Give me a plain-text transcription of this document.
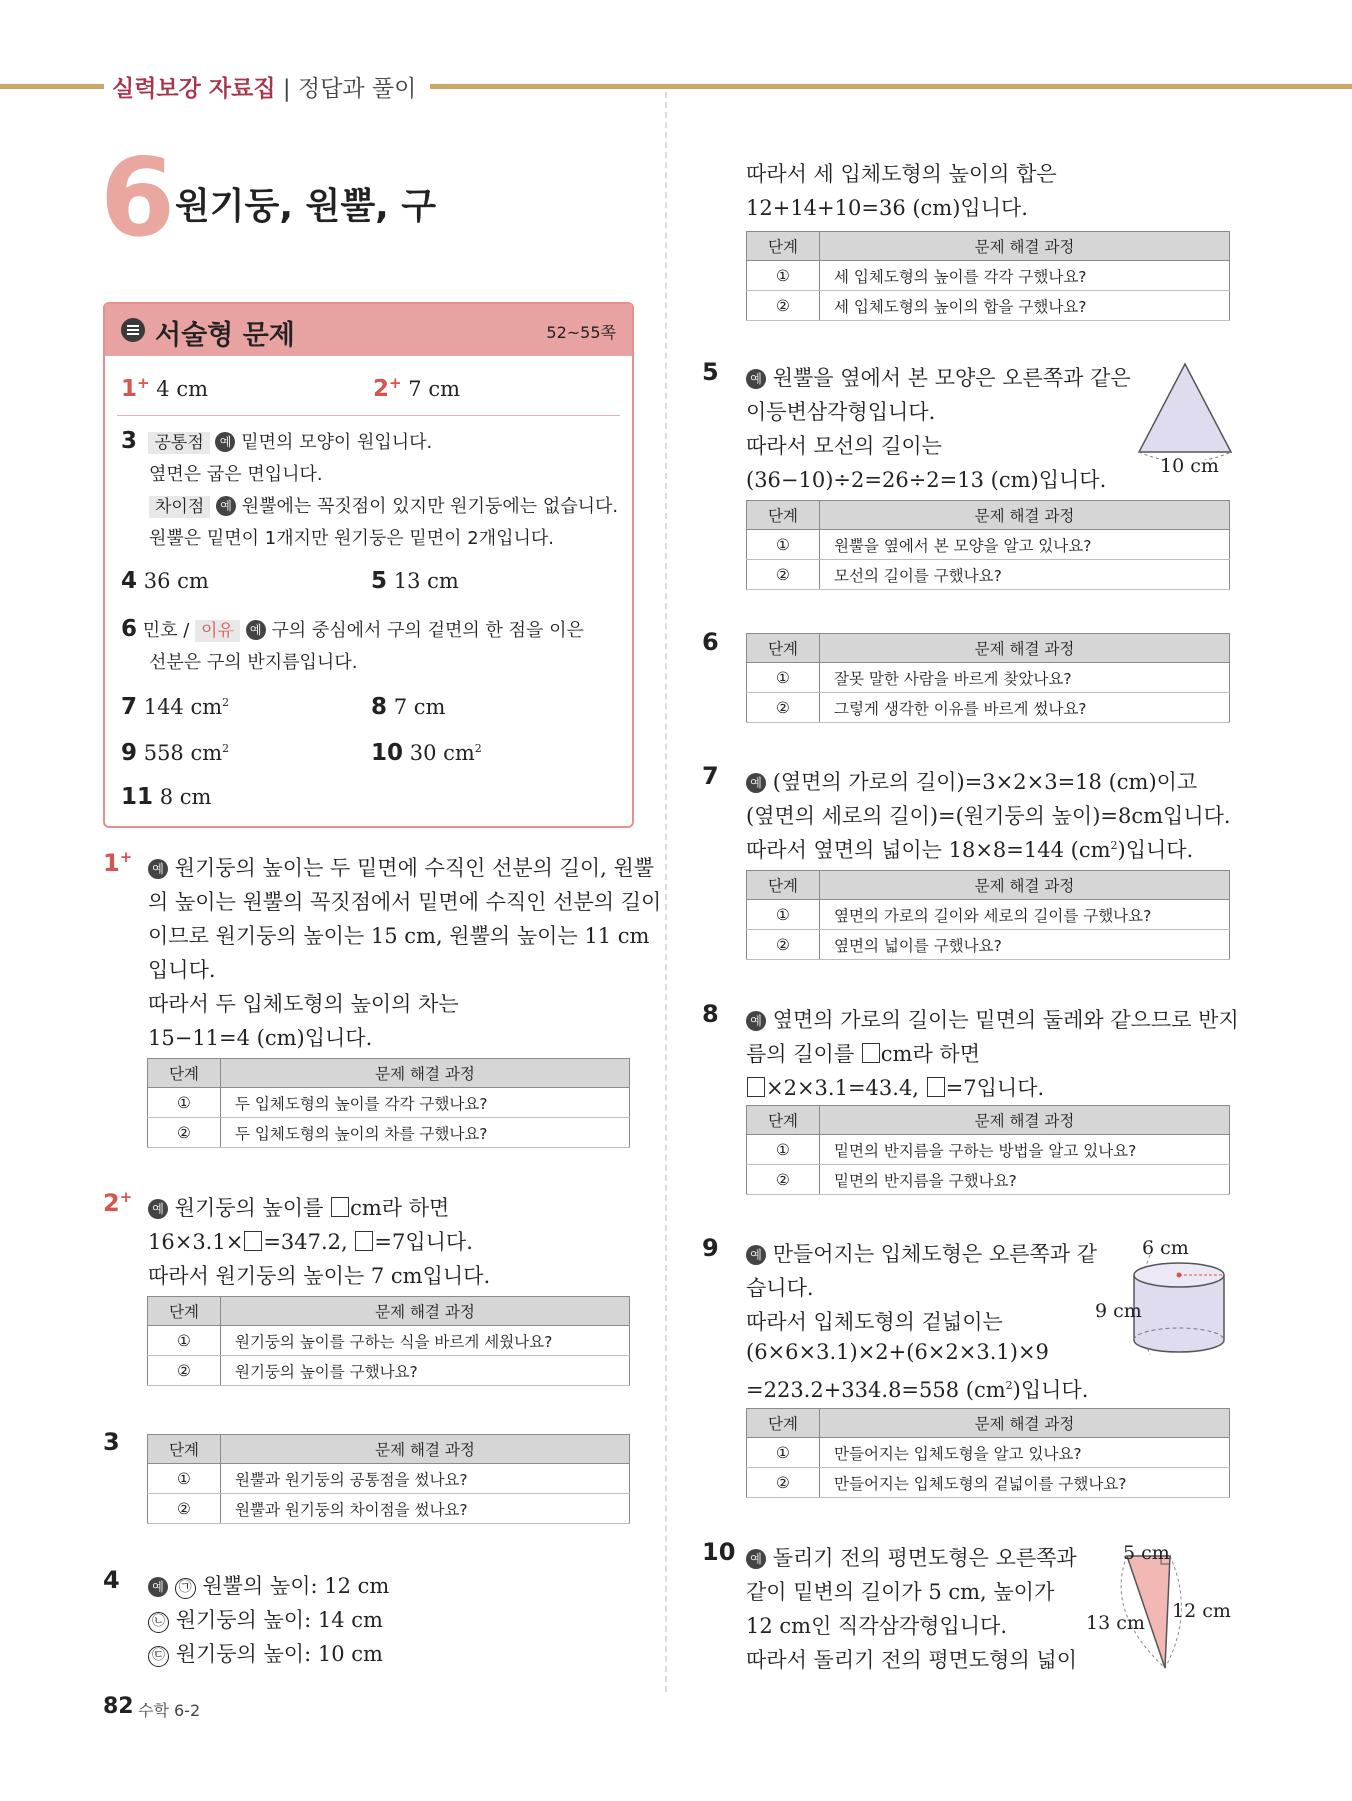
실력보강 자료집 | 정답과 풀이
6 원기둥, 원뿔, 구
서술형 문제	52~55쪽
1+ 4 cm	2+ 7 cm
3 공통점 예 밑면의 모양이 원입니다.
옆면은 굽은 면입니다.
차이점 예 원뿔에는 꼭짓점이 있지만 원기둥에는 없습니다.
원뿔은 밑면이 1개지만 원기둥은 밑면이 2개입니다.
4 36 cm	5 13 cm
6 민호 / 이유 예 구의 중심에서 구의 겉면의 한 점을 이은
선분은 구의 반지름입니다.
7 144 $cm^2$	8 7 cm
9 558 $cm^2$	10 30 $cm^2$
11 8 cm
1+
예 원기둥의 높이는 두 밑면에 수직인 선분의 길이, 원뿔
의 높이는 원뿔의 꼭짓점에서 밑면에 수직인 선분의 길이
이므로 원기둥의 높이는 15 cm, 원뿔의 높이는 11 cm
입니다.
따라서 두 입체도형의 높이의 차는
15−11=4 (cm)입니다.
단계	문제 해결 과정
①	두 입체도형의 높이를 각각 구했나요?
②	두 입체도형의 높이의 차를 구했나요?
2+
예 원기둥의 높이를 cm라 하면
16×3.1× =347.2, =7입니다.
따라서 원기둥의 높이는 7 cm입니다.
단계	문제 해결 과정
①	원기둥의 높이를 구하는 식을 바르게 세웠나요?
②	원기둥의 높이를 구했나요?
3	단계	문제 해결 과정
①	원뿔과 원기둥의 공통점을 썼나요?
②	원뿔과 원기둥의 차이점을 썼나요?
4	예 ㉠ 원뿔의 높이: 12 cm
㉡ 원기둥의 높이: 14 cm
㉢ 원기둥의 높이: 10 cm
82 수학 6-2
따라서 세 입체도형의 높이의 합은
12+14+10=36 (cm)입니다.
단계	문제 해결 과정
①	세 입체도형의 높이를 각각 구했나요?
②	세 입체도형의 높이의 합을 구했나요?
5	예 원뿔을 옆에서 본 모양은 오른쪽과 같은
이등변삼각형입니다.
따라서 모선의 길이는
(36−10)÷2=26÷2=13 (cm)입니다.
10 cm
단계	문제 해결 과정
①	원뿔을 옆에서 본 모양을 알고 있나요?
②	모선의 길이를 구했나요?
6	단계	문제 해결 과정
①	잘못 말한 사람을 바르게 찾았나요?
②	그렇게 생각한 이유를 바르게 썼나요?
7	예 (옆면의 가로의 길이)=3×2×3=18 (cm)이고
(옆면의 세로의 길이)=(원기둥의 높이)=8cm입니다.
따라서 옆면의 넓이는 18×8=144 $(cm^2)$입니다.
단계	문제 해결 과정
①	옆면의 가로의 길이와 세로의 길이를 구했나요?
②	옆면의 넓이를 구했나요?
8	예 옆면의 가로의 길이는 밑면의 둘레와 같으므로 반지
름의 길이를 cm라 하면
×2×3.1=43.4, =7입니다.
단계	문제 해결 과정
①	밑면의 반지름을 구하는 방법을 알고 있나요?
②	밑면의 반지름을 구했나요?
9	예 만들어지는 입체도형은 오른쪽과 같
습니다.
따라서 입체도형의 겉넓이는
(6×6×3.1)×2+(6×2×3.1)×9
=223.2+334.8=558 $(cm^2)$입니다.
6 cm
9 cm
단계	문제 해결 과정
①	만들어지는 입체도형을 알고 있나요?
②	만들어지는 입체도형의 겉넓이를 구했나요?
10	예 돌리기 전의 평면도형은 오른쪽과
같이 밑변의 길이가 5 cm, 높이가
12 cm인 직각삼각형입니다.
따라서 돌리기 전의 평면도형의 넓이
5 cm
13 cm
12 cm
